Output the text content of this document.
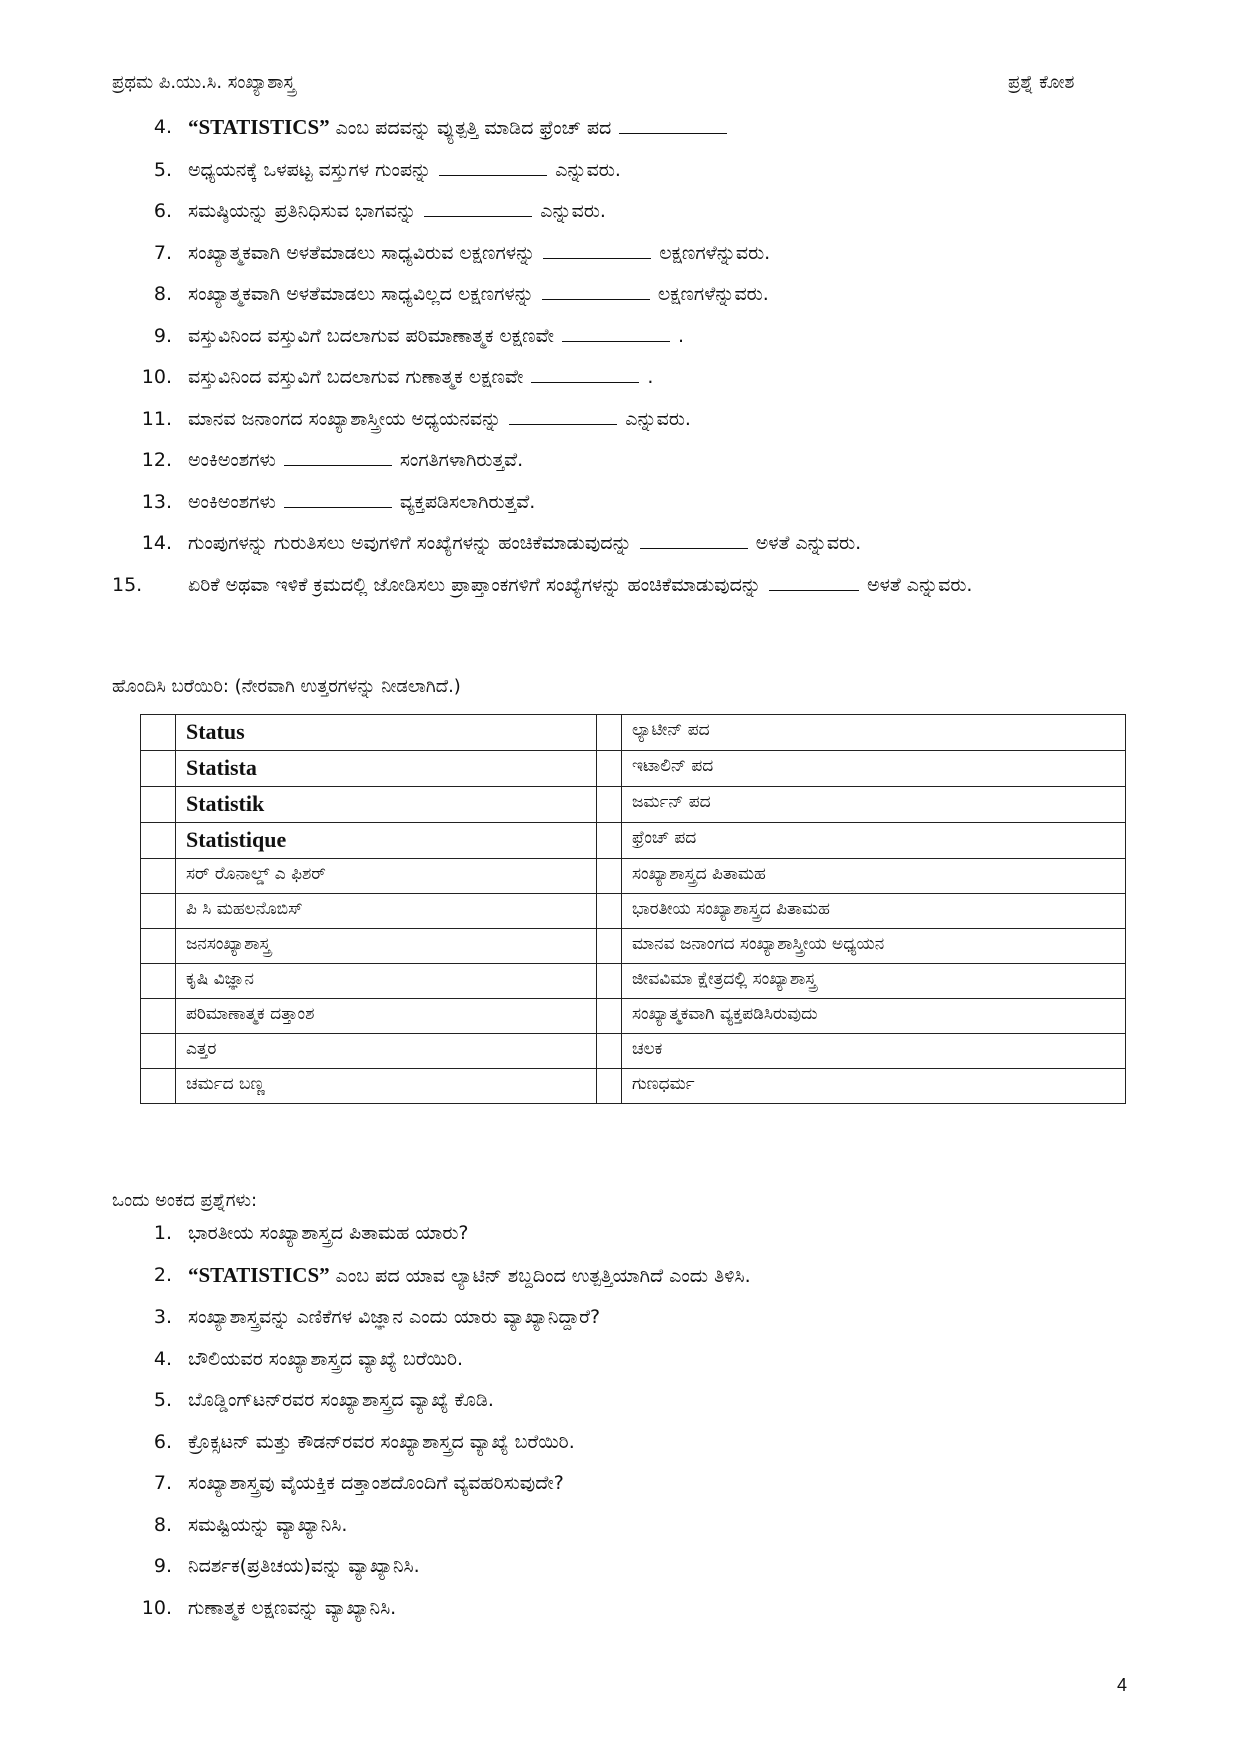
ಪ್ರಥಮ ಪಿ.ಯು.ಸಿ. ಸಂಖ್ಯಾಶಾಸ್ತ್ರ	ಪ್ರಶ್ನೆ ಕೋಶ
4. “STATISTICS” ಎಂಬ ಪದವನ್ನು ವ್ಯುತ್ಪತ್ತಿ ಮಾಡಿದ ಫ್ರೆಂಚ್ ಪದ
5. ಅಧ್ಯಯನಕ್ಕೆ ಒಳಪಟ್ಟ ವಸ್ತುಗಳ ಗುಂಪನ್ನು	ಎನ್ನುವರು.
6. ಸಮಷ್ಠಿಯನ್ನು ಪ್ರತಿನಿಧಿಸುವ ಭಾಗವನ್ನು	ಎನ್ನುವರು.
7. ಸಂಖ್ಯಾತ್ಮಕವಾಗಿ ಅಳತೆಮಾಡಲು ಸಾಧ್ಯವಿರುವ ಲಕ್ಷಣಗಳನ್ನು	ಲಕ್ಷಣಗಳೆನ್ನುವರು.
8. ಸಂಖ್ಯಾತ್ಮಕವಾಗಿ ಅಳತೆಮಾಡಲು ಸಾಧ್ಯವಿಲ್ಲದ ಲಕ್ಷಣಗಳನ್ನು	ಲಕ್ಷಣಗಳೆನ್ನುವರು.
9. ವಸ್ತುವಿನಿಂದ ವಸ್ತುವಿಗೆ ಬದಲಾಗುವ ಪರಿಮಾಣಾತ್ಮಕ ಲಕ್ಷಣವೇ	.
10. ವಸ್ತುವಿನಿಂದ ವಸ್ತುವಿಗೆ ಬದಲಾಗುವ ಗುಣಾತ್ಮಕ ಲಕ್ಷಣವೇ	.
11. ಮಾನವ ಜನಾಂಗದ ಸಂಖ್ಯಾಶಾಸ್ತ್ರೀಯ ಅಧ್ಯಯನವನ್ನು	ಎನ್ನುವರು.
12. ಅಂಕಿಅಂಶಗಳು	ಸಂಗತಿಗಳಾಗಿರುತ್ತವೆ.
13. ಅಂಕಿಅಂಶಗಳು	ವ್ಯಕ್ತಪಡಿಸಲಾಗಿರುತ್ತವೆ.
14. ಗುಂಪುಗಳನ್ನು ಗುರುತಿಸಲು ಅವುಗಳಿಗೆ ಸಂಖ್ಯೆಗಳನ್ನು ಹಂಚಿಕೆಮಾಡುವುದನ್ನು	ಅಳತೆ ಎನ್ನುವರು.
15.	ಏರಿಕೆ ಅಥವಾ ಇಳಿಕೆ ಕ್ರಮದಲ್ಲಿ ಜೋಡಿಸಲು ಪ್ರಾಪ್ತಾಂಕಗಳಿಗೆ ಸಂಖ್ಯೆಗಳನ್ನು ಹಂಚಿಕೆಮಾಡುವುದನ್ನು	ಅಳತೆ ಎನ್ನುವರು.
ಹೊಂದಿಸಿ ಬರೆಯಿರಿ: (ನೇರವಾಗಿ ಉತ್ತರಗಳನ್ನು ನೀಡಲಾಗಿದೆ.)
	Status		ಲ್ಯಾಟೀನ್ ಪದ
	Statista		ಇಟಾಲಿನ್ ಪದ
	Statistik		ಜರ್ಮನ್ ಪದ
	Statistique		ಫ್ರೆಂಚ್ ಪದ
	ಸರ್ ರೊನಾಲ್ಡ್ ಎ ಫಿಶರ್		ಸಂಖ್ಯಾಶಾಸ್ತ್ರದ ಪಿತಾಮಹ
	ಪಿ ಸಿ ಮಹಲನೊಬಿಸ್		ಭಾರತೀಯ ಸಂಖ್ಯಾಶಾಸ್ತ್ರದ ಪಿತಾಮಹ
	ಜನಸಂಖ್ಯಾಶಾಸ್ತ್ರ		ಮಾನವ ಜನಾಂಗದ ಸಂಖ್ಯಾಶಾಸ್ತ್ರೀಯ ಅಧ್ಯಯನ
	ಕೃಷಿ ವಿಜ್ಞಾನ		ಜೀವವಿಮಾ ಕ್ಷೇತ್ರದಲ್ಲಿ ಸಂಖ್ಯಾಶಾಸ್ತ್ರ
	ಪರಿಮಾಣಾತ್ಮಕ ದತ್ತಾಂಶ		ಸಂಖ್ಯಾತ್ಮಕವಾಗಿ ವ್ಯಕ್ತಪಡಿಸಿರುವುದು
	ಎತ್ತರ		ಚಲಕ
	ಚರ್ಮದ ಬಣ್ಣ		ಗುಣಧರ್ಮ
ಒಂದು ಅಂಕದ ಪ್ರಶ್ನೆಗಳು:
1. ಭಾರತೀಯ ಸಂಖ್ಯಾಶಾಸ್ತ್ರದ ಪಿತಾಮಹ ಯಾರು?
2. “STATISTICS” ಎಂಬ ಪದ ಯಾವ ಲ್ಯಾಟಿನ್ ಶಬ್ದದಿಂದ ಉತ್ಪತ್ತಿಯಾಗಿದೆ ಎಂದು ತಿಳಿಸಿ.
3. ಸಂಖ್ಯಾಶಾಸ್ತ್ರವನ್ನು ಎಣಿಕೆಗಳ ವಿಜ್ಞಾನ ಎಂದು ಯಾರು ವ್ಯಾಖ್ಯಾನಿದ್ದಾರೆ?
4. ಬೌಲಿಯವರ ಸಂಖ್ಯಾಶಾಸ್ತ್ರದ ವ್ಯಾಖ್ಯೆ ಬರೆಯಿರಿ.
5. ಬೊಡ್ಡಿಂಗ್‌ಟನ್‌ರವರ ಸಂಖ್ಯಾಶಾಸ್ತ್ರದ ವ್ಯಾಖ್ಯೆ ಕೊಡಿ.
6. ಕ್ರೊಕ್ಸಟನ್ ಮತ್ತು ಕೌಡನ್‌ರವರ ಸಂಖ್ಯಾಶಾಸ್ತ್ರದ ವ್ಯಾಖ್ಯೆ ಬರೆಯಿರಿ.
7. ಸಂಖ್ಯಾಶಾಸ್ತ್ರವು ವೈಯಕ್ತಿಕ ದತ್ತಾಂಶದೊಂದಿಗೆ ವ್ಯವಹರಿಸುವುದೇ?
8. ಸಮಷ್ಟಿಯನ್ನು ವ್ಯಾಖ್ಯಾನಿಸಿ.
9. ನಿದರ್ಶಕ(ಪ್ರತಿಚಯ)ವನ್ನು ವ್ಯಾಖ್ಯಾನಿಸಿ.
10. ಗುಣಾತ್ಮಕ ಲಕ್ಷಣವನ್ನು ವ್ಯಾಖ್ಯಾನಿಸಿ.
4
